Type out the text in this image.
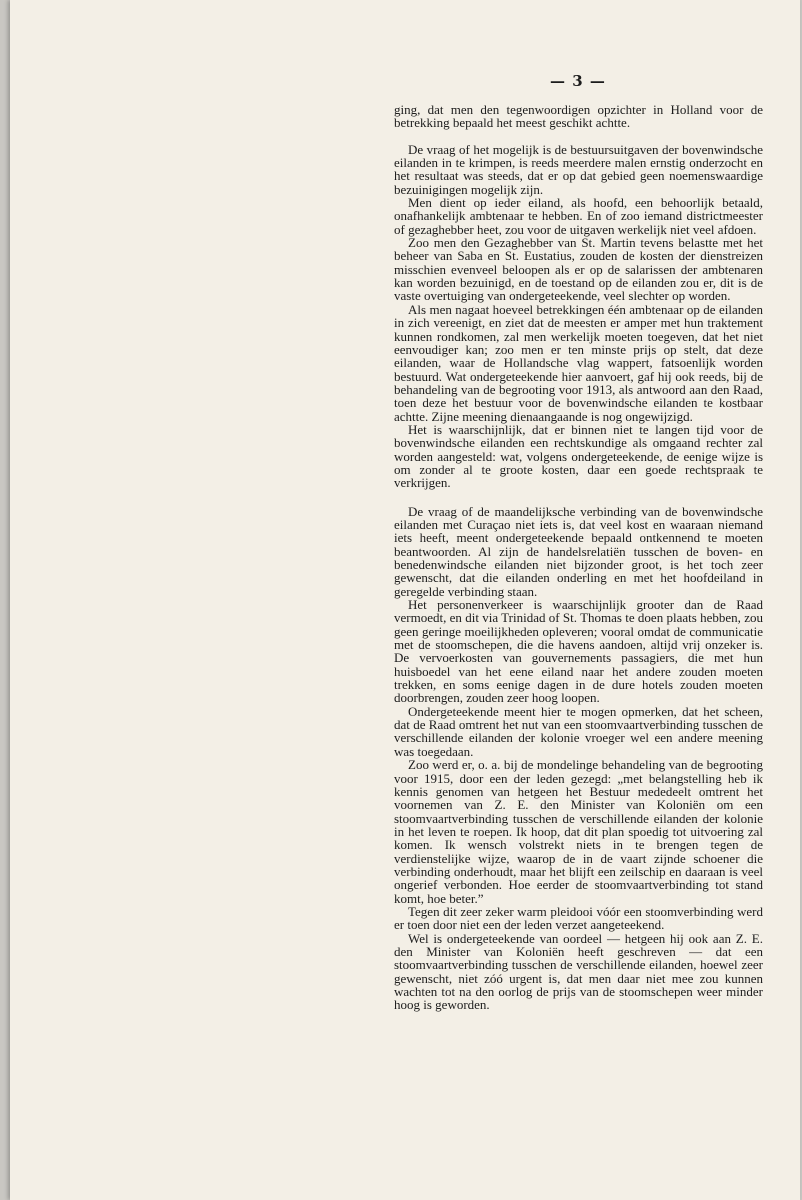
— 3 —

ging, dat men den tegenwoordigen opzichter in Holland voor de betrekking bepaald het meest geschikt achtte.

De vraag of het mogelijk is de bestuursuitgaven der bovenwindsche eilanden in te krimpen, is reeds meerdere malen ernstig onderzocht en het resultaat was steeds, dat er op dat gebied geen noemenswaardige bezuinigingen mogelijk zijn.

Men dient op ieder eiland, als hoofd, een behoorlijk betaald, onafhankelijk ambtenaar te hebben. En of zoo iemand districtmeester of gezaghebber heet, zou voor de uitgaven werkelijk niet veel afdoen.

Zoo men den Gezaghebber van St. Martin tevens belastte met het beheer van Saba en St. Eustatius, zouden de kosten der dienstreizen misschien evenveel beloopen als er op de salarissen der ambtenaren kan worden bezuinigd, en de toestand op de eilanden zou er, dit is de vaste overtuiging van ondergeteekende, veel slechter op worden.

Als men nagaat hoeveel betrekkingen één ambtenaar op de eilanden in zich vereenigt, en ziet dat de meesten er amper met hun traktement kunnen rondkomen, zal men werkelijk moeten toegeven, dat het niet eenvoudiger kan; zoo men er ten minste prijs op stelt, dat deze eilanden, waar de Hollandsche vlag wappert, fatsoenlijk worden bestuurd. Wat ondergeteekende hier aanvoert, gaf hij ook reeds, bij de behandeling van de begrooting voor 1913, als antwoord aan den Raad, toen deze het bestuur voor de bovenwindsche eilanden te kostbaar achtte. Zijne meening dienaangaande is nog ongewijzigd.

Het is waarschijnlijk, dat er binnen niet te langen tijd voor de bovenwindsche eilanden een rechtskundige als omgaand rechter zal worden aangesteld: wat, volgens ondergeteekende, de eenige wijze is om zonder al te groote kosten, daar een goede rechtspraak te verkrijgen.

De vraag of de maandelijksche verbinding van de bovenwindsche eilanden met Curaçao niet iets is, dat veel kost en waaraan niemand iets heeft, meent ondergeteekende bepaald ontkennend te moeten beantwoorden. Al zijn de handelsrelatiën tusschen de boven- en benedenwindsche eilanden niet bijzonder groot, is het toch zeer gewenscht, dat die eilanden onderling en met het hoofdeiland in geregelde verbinding staan.

Het personenverkeer is waarschijnlijk grooter dan de Raad vermoedt, en dit via Trinidad of St. Thomas te doen plaats hebben, zou geen geringe moeilijkheden opleveren; vooral omdat de communicatie met de stoomschepen, die die havens aandoen, altijd vrij onzeker is. De vervoerkosten van gouvernements passagiers, die met hun huisboedel van het eene eiland naar het andere zouden moeten trekken, en soms eenige dagen in de dure hotels zouden moeten doorbrengen, zouden zeer hoog loopen.

Ondergeteekende meent hier te mogen opmerken, dat het scheen, dat de Raad omtrent het nut van een stoomvaartverbinding tusschen de verschillende eilanden der kolonie vroeger wel een andere meening was toegedaan.

Zoo werd er, o. a. bij de mondelinge behandeling van de begrooting voor 1915, door een der leden gezegd: „met belangstelling heb ik kennis genomen van hetgeen het Bestuur mededeelt omtrent het voornemen van Z. E. den Minister van Koloniën om een stoomvaartverbinding tusschen de verschillende eilanden der kolonie in het leven te roepen. Ik hoop, dat dit plan spoedig tot uitvoering zal komen. Ik wensch volstrekt niets in te brengen tegen de verdienstelijke wijze, waarop de in de vaart zijnde schoener die verbinding onderhoudt, maar het blijft een zeilschip en daaraan is veel ongerief verbonden. Hoe eerder de stoomvaartverbinding tot stand komt, hoe beter.”

Tegen dit zeer zeker warm pleidooi vóór een stoomverbinding werd er toen door niet een der leden verzet aangeteekend.

Wel is ondergeteekende van oordeel — hetgeen hij ook aan Z. E. den Minister van Koloniën heeft geschreven — dat een stoomvaartverbinding tusschen de verschillende eilanden, hoewel zeer gewenscht, niet zóó urgent is, dat men daar niet mee zou kunnen wachten tot na den oorlog de prijs van de stoomschepen weer minder hoog is geworden.
